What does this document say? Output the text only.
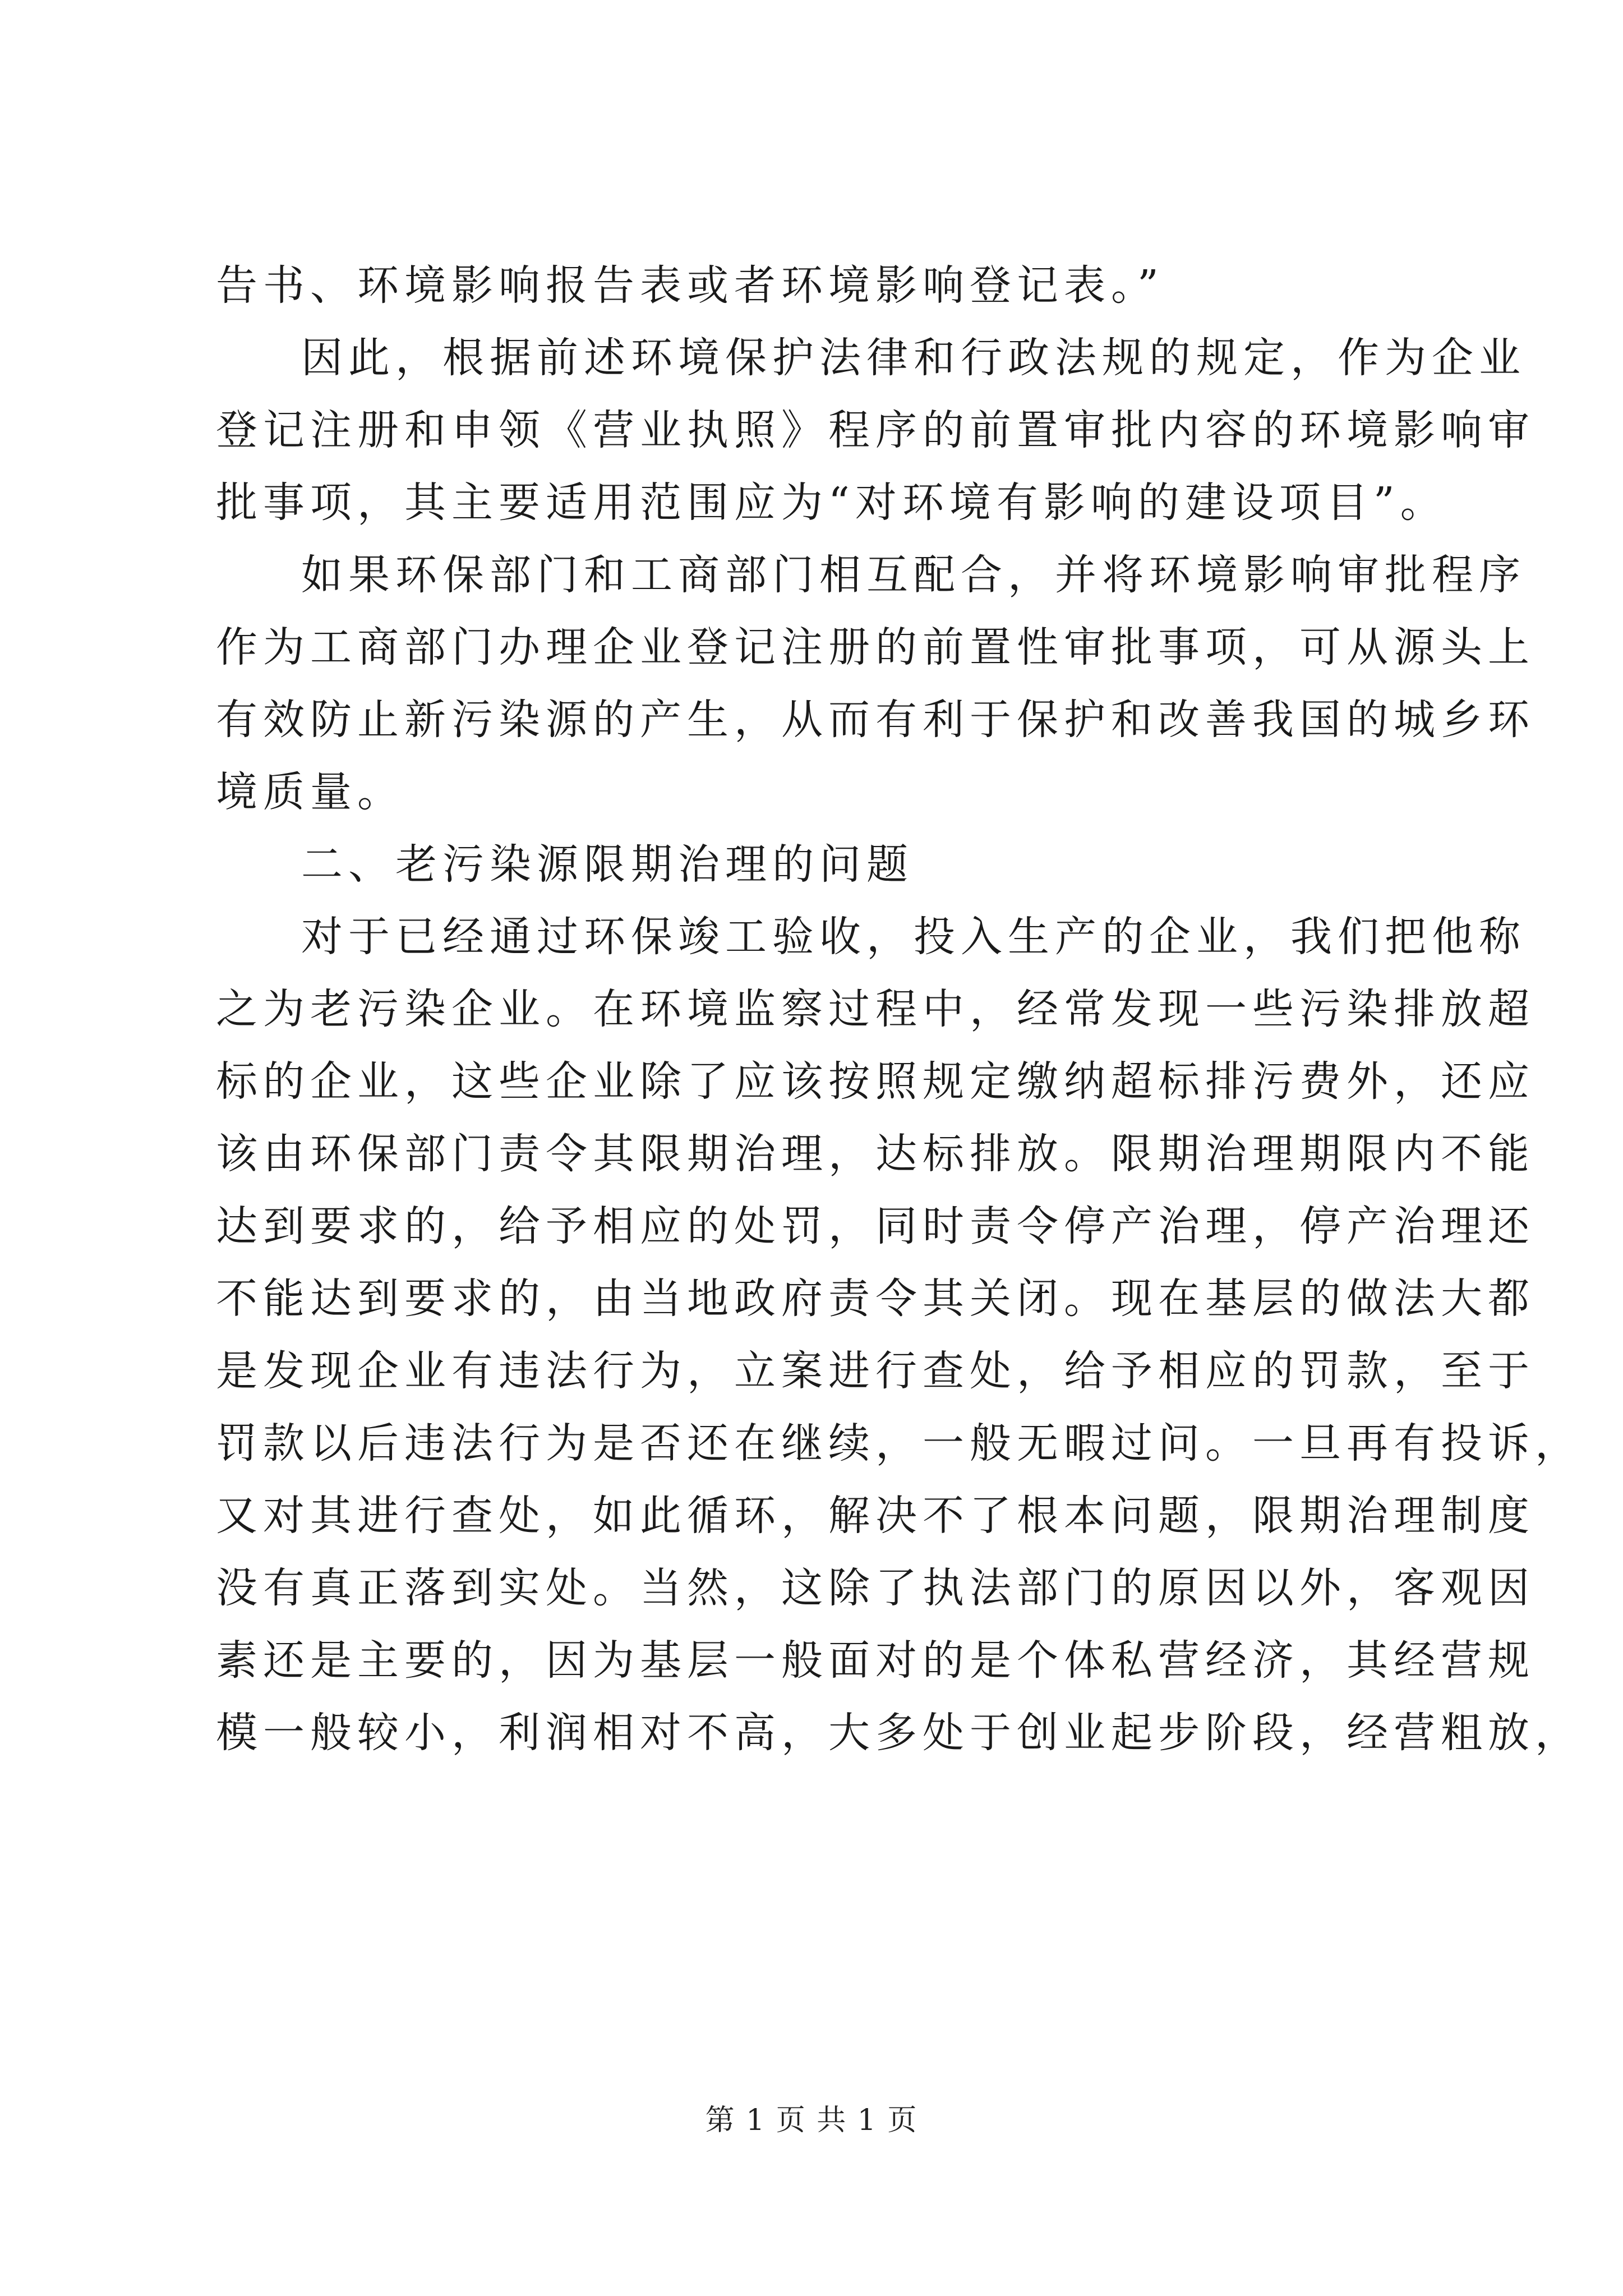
告书、环境影响报告表或者环境影响登记表。”
因此，根据前述环境保护法律和行政法规的规定，作为企业
登记注册和申领《营业执照》程序的前置审批内容的环境影响审
批事项，其主要适用范围应为“对环境有影响的建设项目”。
如果环保部门和工商部门相互配合，并将环境影响审批程序
作为工商部门办理企业登记注册的前置性审批事项，可从源头上
有效防止新污染源的产生，从而有利于保护和改善我国的城乡环
境质量。
二、老污染源限期治理的问题
对于已经通过环保竣工验收，投入生产的企业，我们把他称
之为老污染企业。在环境监察过程中，经常发现一些污染排放超
标的企业，这些企业除了应该按照规定缴纳超标排污费外，还应
该由环保部门责令其限期治理，达标排放。限期治理期限内不能
达到要求的，给予相应的处罚，同时责令停产治理，停产治理还
不能达到要求的，由当地政府责令其关闭。现在基层的做法大都
是发现企业有违法行为，立案进行查处，给予相应的罚款，至于
罚款以后违法行为是否还在继续，一般无暇过问。一旦再有投诉，
又对其进行查处，如此循环，解决不了根本问题，限期治理制度
没有真正落到实处。当然，这除了执法部门的原因以外，客观因
素还是主要的，因为基层一般面对的是个体私营经济，其经营规
模一般较小，利润相对不高，大多处于创业起步阶段，经营粗放，
第 1 页 共 1 页
